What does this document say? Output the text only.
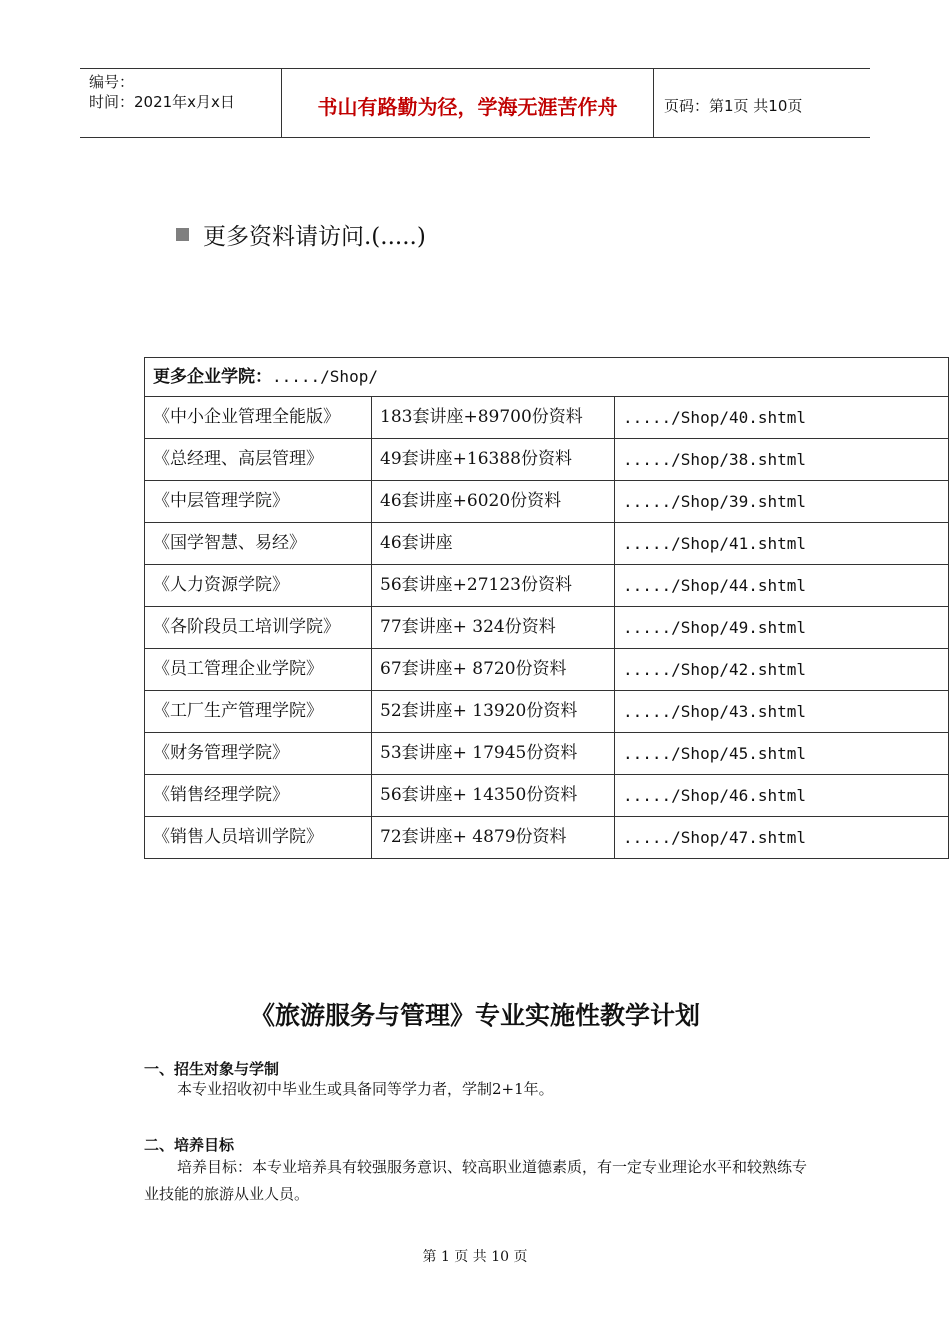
编号：
时间：2021年x月x日	书山有路勤为径，学海无涯苦作舟	页码：第1页 共10页
更多资料请访问.(.....)
更多企业学院：...../Shop/		
《中小企业管理全能版》	183套讲座+89700份资料	...../Shop/40.shtml
《总经理、高层管理》	49套讲座+16388份资料	...../Shop/38.shtml
《中层管理学院》	46套讲座+6020份资料	...../Shop/39.shtml
《国学智慧、易经》	46套讲座	...../Shop/41.shtml
《人力资源学院》	56套讲座+27123份资料	...../Shop/44.shtml
《各阶段员工培训学院》	77套讲座+ 324份资料	...../Shop/49.shtml
《员工管理企业学院》	67套讲座+ 8720份资料	...../Shop/42.shtml
《工厂生产管理学院》	52套讲座+ 13920份资料	...../Shop/43.shtml
《财务管理学院》	53套讲座+ 17945份资料	...../Shop/45.shtml
《销售经理学院》	56套讲座+ 14350份资料	...../Shop/46.shtml
《销售人员培训学院》	72套讲座+ 4879份资料	...../Shop/47.shtml
《旅游服务与管理》专业实施性教学计划
一、招生对象与学制
本专业招收初中毕业生或具备同等学力者，学制2+1年。
二、培养目标
培养目标：本专业培养具有较强服务意识、较高职业道德素质，有一定专业理论水平和较熟练专业技能的旅游从业人员。
第 1 页 共 10 页
